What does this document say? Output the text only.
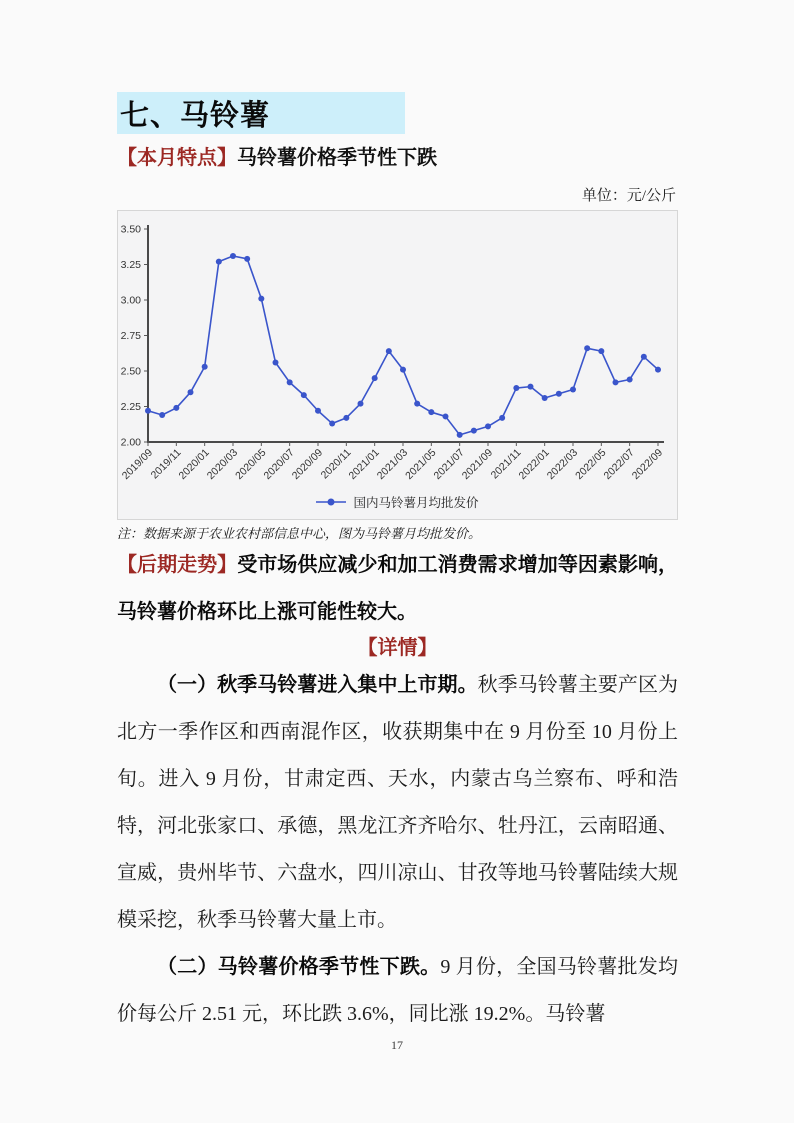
七、马铃薯
【本月特点】马铃薯价格季节性下跌
单位：元/公斤
2.00
2.25
2.50
2.75
3.00
3.25
3.50
2019/09
2019/11
2020/01
2020/03
2020/05
2020/07
2020/09
2020/11
2021/01
2021/03
2021/05
2021/07
2021/09
2021/11
2022/01
2022/03
2022/05
2022/07
2022/09
国内马铃薯月均批发价
注：数据来源于农业农村部信息中心，图为马铃薯月均批发价。
【后期走势】受市场供应减少和加工消费需求增加等因素影响，马铃薯价格环比上涨可能性较大。
【详情】
（一）秋季马铃薯进入集中上市期。秋季马铃薯主要产区为北方一季作区和西南混作区，收获期集中在 9 月份至 10 月份上旬。进入 9 月份，甘肃定西、天水，内蒙古乌兰察布、呼和浩特，河北张家口、承德，黑龙江齐齐哈尔、牡丹江，云南昭通、宣威，贵州毕节、六盘水，四川凉山、甘孜等地马铃薯陆续大规模采挖，秋季马铃薯大量上市。
（二）马铃薯价格季节性下跌。9 月份，全国马铃薯批发均价每公斤 2.51 元，环比跌 3.6%，同比涨 19.2%。马铃薯
17
